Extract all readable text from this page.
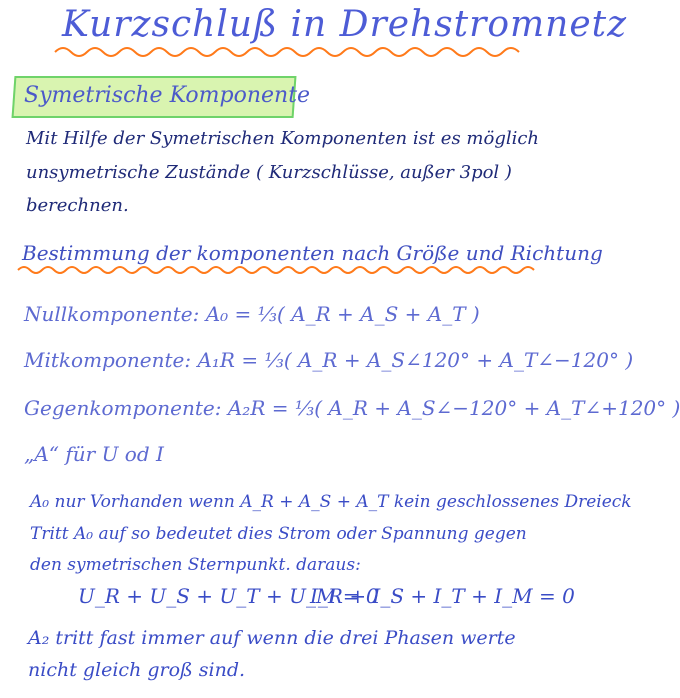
Kurzschluß in Drehstromnetz
Symetrische Komponente
Mit Hilfe der Symetrischen Komponenten ist es möglich
unsymetrische Zustände ( Kurzschlüsse, außer 3pol )
berechnen.
Bestimmung der komponenten nach Größe und Richtung
Nullkomponente: A₀ = ⅓( A_R + A_S + A_T )
Mitkomponente: A₁R = ⅓( A_R + A_S∠120° + A_T∠−120° )
Gegenkomponente: A₂R = ⅓( A_R + A_S∠−120° + A_T∠+120° )
„A“ für U od I
A₀ nur Vorhanden wenn A_R + A_S + A_T kein geschlossenes Dreieck
Tritt A₀ auf so bedeutet dies Strom oder Spannung gegen
den symetrischen Sternpunkt. daraus:
U_R + U_S + U_T + U_M = 0
I_R + I_S + I_T + I_M = 0
A₂ tritt fast immer auf wenn die drei Phasen werte
nicht gleich groß sind.
